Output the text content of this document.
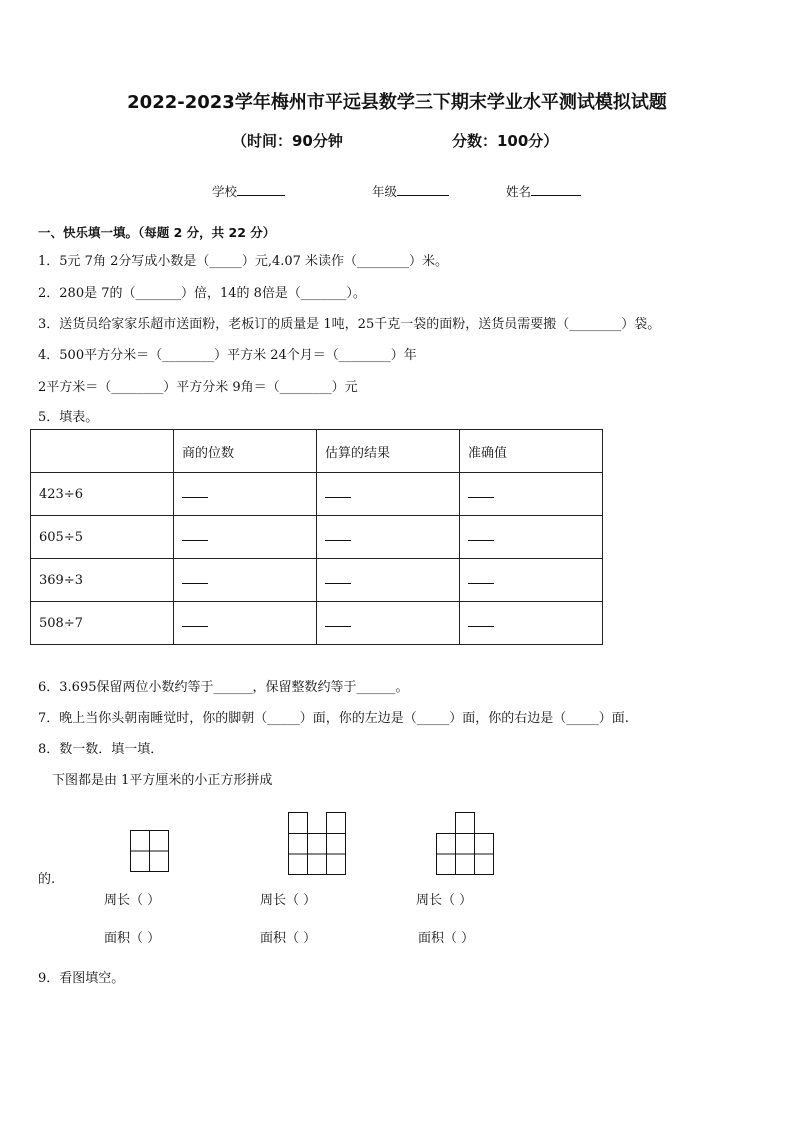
2022-2023学年梅州市平远县数学三下期末学业水平测试模拟试题
（时间：90分钟	分数：100分）
学校	年级	姓名
一、快乐填一填。（每题 2 分，共 22 分）
1．5元 7角 2分写成小数是（_____）元,4.07 米读作（________）米。
2．280是 7的（_______）倍，14的 8倍是（_______）。
3．送货员给家家乐超市送面粉，老板订的质量是 1吨，25千克一袋的面粉，送货员需要搬（________）袋。
4．500平方分米＝（________）平方米 24个月＝（________）年
2平方米＝（________）平方分米 9角＝（________）元
5．填表。
	商的位数	估算的结果	准确值
423÷6			
605÷5			
369÷3			
508÷7			
6．3.695保留两位小数约等于______，保留整数约等于______。
7．晚上当你头朝南睡觉时，你的脚朝（_____）面，你的左边是（_____）面，你的右边是（_____）面.
8．数一数．填一填．
下图都是由 1平方厘米的小正方形拼成
的.
周长（ ）	周长（ ）	周长（ ）
面积（ ）	面积（ ）	面积（ ）
9．看图填空。
